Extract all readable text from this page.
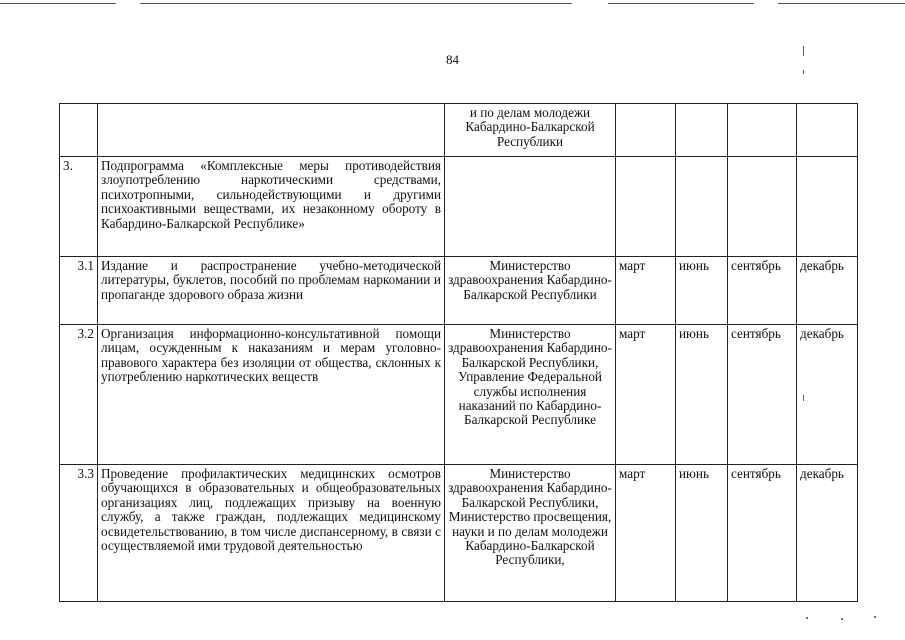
84
		и по делам молодежи Кабардино-Балкарской Республики				
3.	Подпрограмма «Комплексные меры противодействия злоупотреблению наркотическими средствами, психотропными, сильнодействующими и другими психоактивными веществами, их незаконному обороту в Кабардино-Балкарской Республике»					
3.1	Издание и распространение учебно-методической литературы, буклетов, пособий по проблемам наркомании и пропаганде здорового образа жизни	Министерство здравоохранения Кабардино-Балкарской Республики	март	июнь	сентябрь	декабрь
3.2	Организация информационно-консультативной помощи лицам, осужденным к наказаниям и мерам уголовно-правового характера без изоляции от общества, склонных к употреблению наркотических веществ	Министерство здравоохранения Кабардино-Балкарской Республики, Управление Федеральной службы исполнения наказаний по Кабардино-Балкарской Республике	март	июнь	сентябрь	декабрь
3.3	Проведение профилактических медицинских осмотров обучающихся в образовательных и общеобразовательных организациях лиц, подлежащих призыву на военную службу, а также граждан, подлежащих медицинскому освидетельствованию, в том числе диспансерному, в связи с осуществляемой ими трудовой деятельностью	Министерство здравоохранения Кабардино-Балкарской Республики, Министерство просвещения, науки и по делам молодежи Кабардино-Балкарской Республики,	март	июнь	сентябрь	декабрь
